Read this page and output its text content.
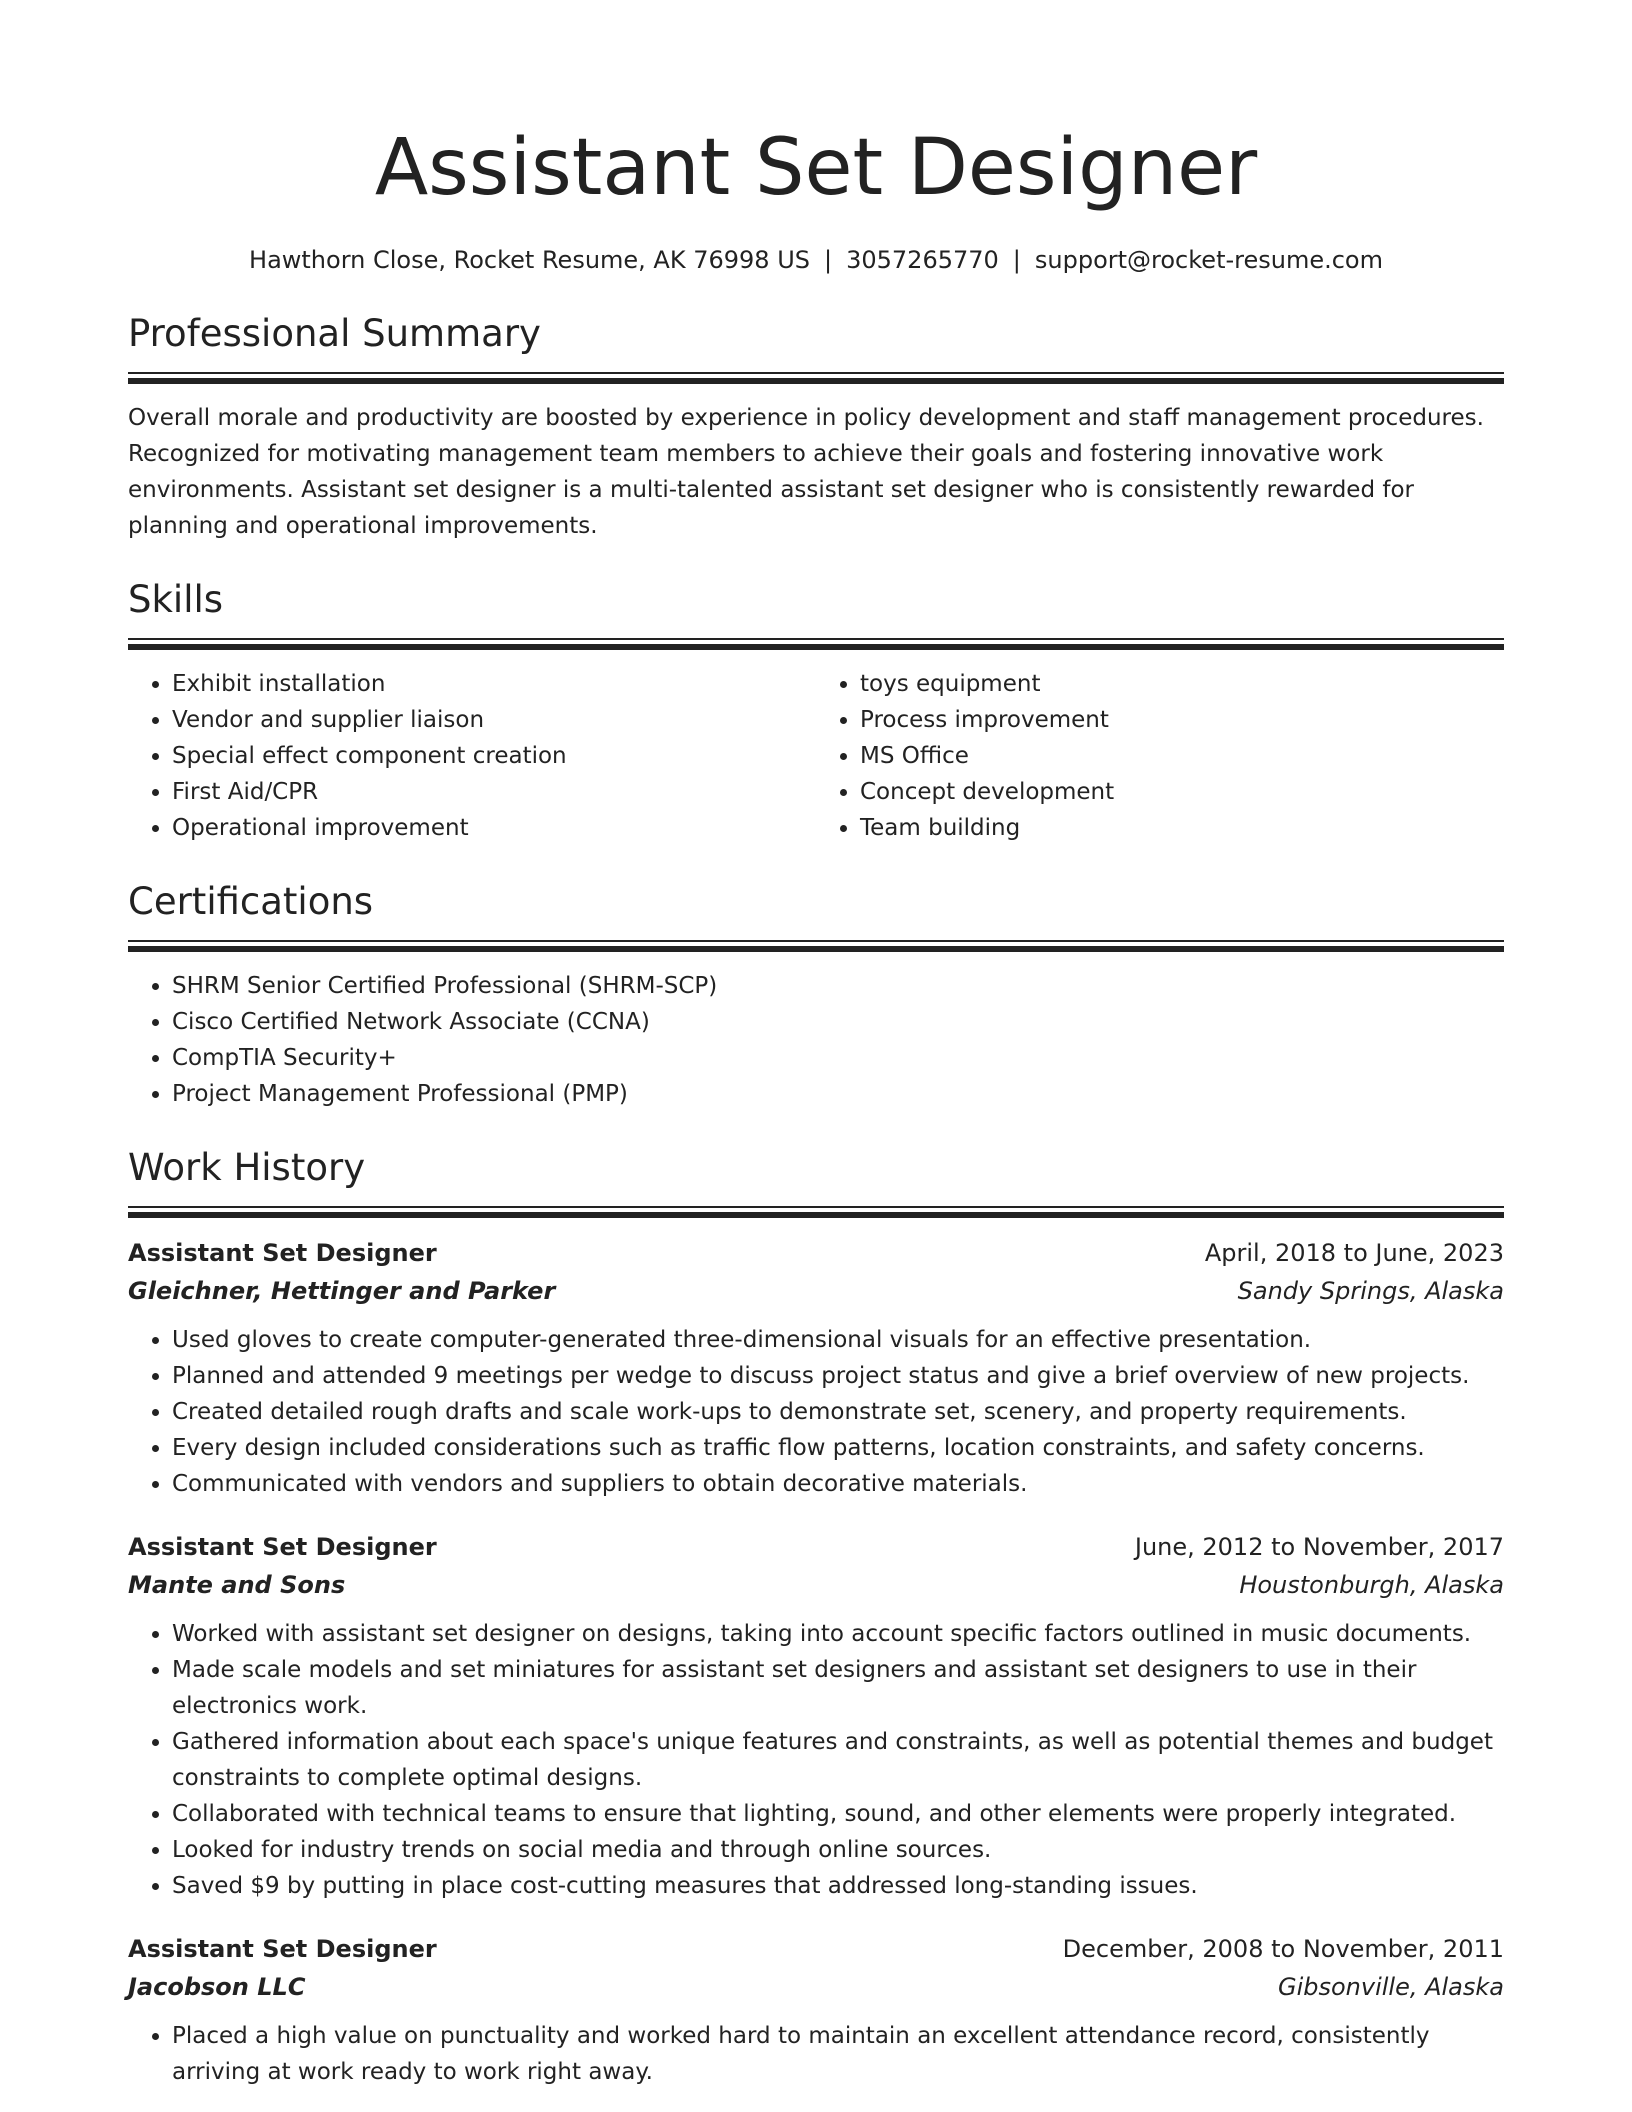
Assistant Set Designer
Hawthorn Close, Rocket Resume, AK 76998 US | 3057265770 | support@rocket-resume.com
Professional Summary

Overall morale and productivity are boosted by experience in policy development and staff management procedures. Recognized for motivating management team members to achieve their goals and fostering innovative work environments. Assistant set designer is a multi-talented assistant set designer who is consistently rewarded for planning and operational improvements.

Skills
• Exhibit installation
• Vendor and supplier liaison
• Special effect component creation
• First Aid/CPR
• Operational improvement
• toys equipment
• Process improvement
• MS Office
• Concept development
• Team building
Certifications
• SHRM Senior Certified Professional (SHRM-SCP)
• Cisco Certified Network Associate (CCNA)
• CompTIA Security+
• Project Management Professional (PMP)
Work History
Assistant Set Designer	April, 2018 to June, 2023
Gleichner, Hettinger and Parker	Sandy Springs, Alaska
• Used gloves to create computer-generated three-dimensional visuals for an effective presentation.
• Planned and attended 9 meetings per wedge to discuss project status and give a brief overview of new projects.
• Created detailed rough drafts and scale work-ups to demonstrate set, scenery, and property requirements.
• Every design included considerations such as traffic flow patterns, location constraints, and safety concerns.
• Communicated with vendors and suppliers to obtain decorative materials.
Assistant Set Designer	June, 2012 to November, 2017
Mante and Sons	Houstonburgh, Alaska
• Worked with assistant set designer on designs, taking into account specific factors outlined in music documents.
• Made scale models and set miniatures for assistant set designers and assistant set designers to use in their electronics work.
• Gathered information about each space's unique features and constraints, as well as potential themes and budget constraints to complete optimal designs.
• Collaborated with technical teams to ensure that lighting, sound, and other elements were properly integrated.
• Looked for industry trends on social media and through online sources.
• Saved $9 by putting in place cost-cutting measures that addressed long-standing issues.
Assistant Set Designer	December, 2008 to November, 2011
Jacobson LLC	Gibsonville, Alaska
• Placed a high value on punctuality and worked hard to maintain an excellent attendance record, consistently arriving at work ready to work right away.
